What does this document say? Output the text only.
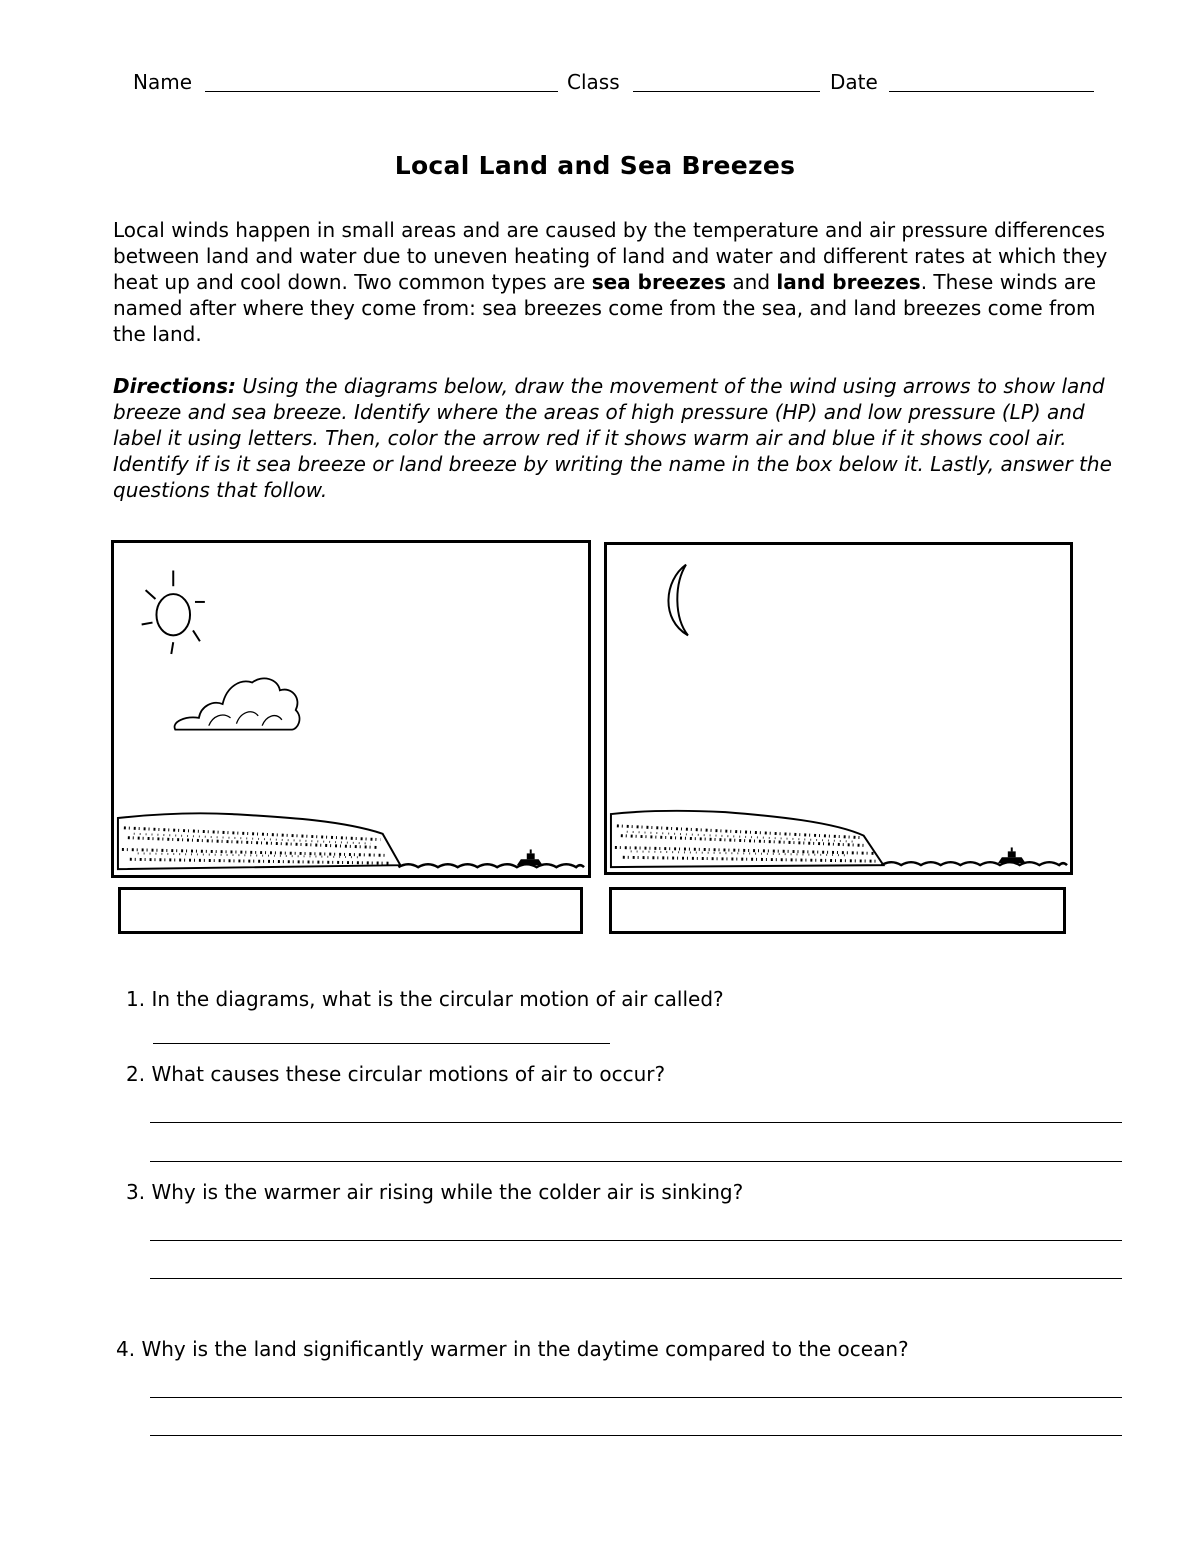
Name	Class	Date
Local Land and Sea Breezes
Local winds happen in small areas and are caused by the temperature and air pressure differences between land and water due to uneven heating of land and water and different rates at which they heat up and cool down. Two common types are sea breezes and land breezes. These winds are named after where they come from: sea breezes come from the sea, and land breezes come from the land.
Directions: Using the diagrams below, draw the movement of the wind using arrows to show land breeze and sea breeze. Identify where the areas of high pressure (HP) and low pressure (LP) and label it using letters. Then, color the arrow red if it shows warm air and blue if it shows cool air. Identify if is it sea breeze or land breeze by writing the name in the box below it. Lastly, answer the questions that follow.
1. In the diagrams, what is the circular motion of air called?
2. What causes these circular motions of air to occur?
3. Why is the warmer air rising while the colder air is sinking?
4. Why is the land significantly warmer in the daytime compared to the ocean?
